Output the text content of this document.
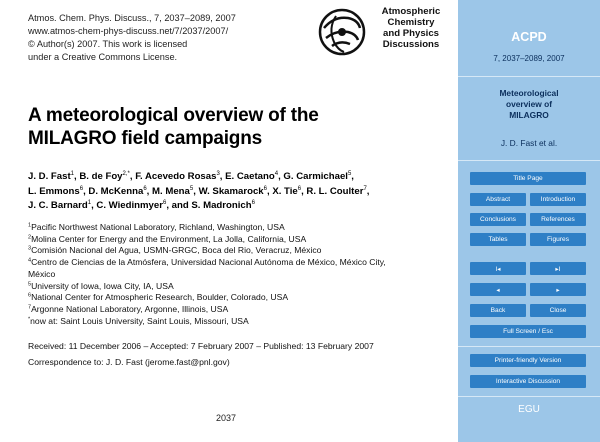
Atmos. Chem. Phys. Discuss., 7, 2037–2089, 2007
www.atmos-chem-phys-discuss.net/7/2037/2007/
© Author(s) 2007. This work is licensed
under a Creative Commons License.
Atmospheric
Chemistry
and Physics
Discussions
A meteorological overview of the
MILAGRO field campaigns
J. D. Fast$^1$, B. de Foy$^{2,*}$, F. Acevedo Rosas$^3$, E. Caetano$^4$, G. Carmichael$^5$,
L. Emmons$^6$, D. McKenna$^6$, M. Mena$^5$, W. Skamarock$^6$, X. Tie$^6$, R. L. Coulter$^7$,
J. C. Barnard$^1$, C. Wiedinmyer$^6$, and S. Madronich$^6$
$^1$Pacific Northwest National Laboratory, Richland, Washington, USA
$^2$Molina Center for Energy and the Environment, La Jolla, California, USA
$^3$Comisión Nacional del Agua, USMN-GRGC, Boca del Rio, Veracruz, México
$^4$Centro de Ciencias de la Atmósfera, Universidad Nacional Autónoma de México, México City,
México
$^5$University of Iowa, Iowa City, IA, USA
$^6$National Center for Atmospheric Research, Boulder, Colorado, USA
$^7$Argonne National Laboratory, Argonne, Illinois, USA
*now at: Saint Louis University, Saint Louis, Missouri, USA
Received: 11 December 2006 – Accepted: 7 February 2007 – Published: 13 February 2007
Correspondence to: J. D. Fast (jerome.fast@pnl.gov)
2037
ACPD
7, 2037–2089, 2007
Meteorological
overview of
MILAGRO
J. D. Fast et al.
Title Page
Abstract	Introduction
Conclusions	References
Tables	Figures
I◂	▸I
◂	▸
Back	Close
Full Screen / Esc
Printer-friendly Version
Interactive Discussion
EGU
